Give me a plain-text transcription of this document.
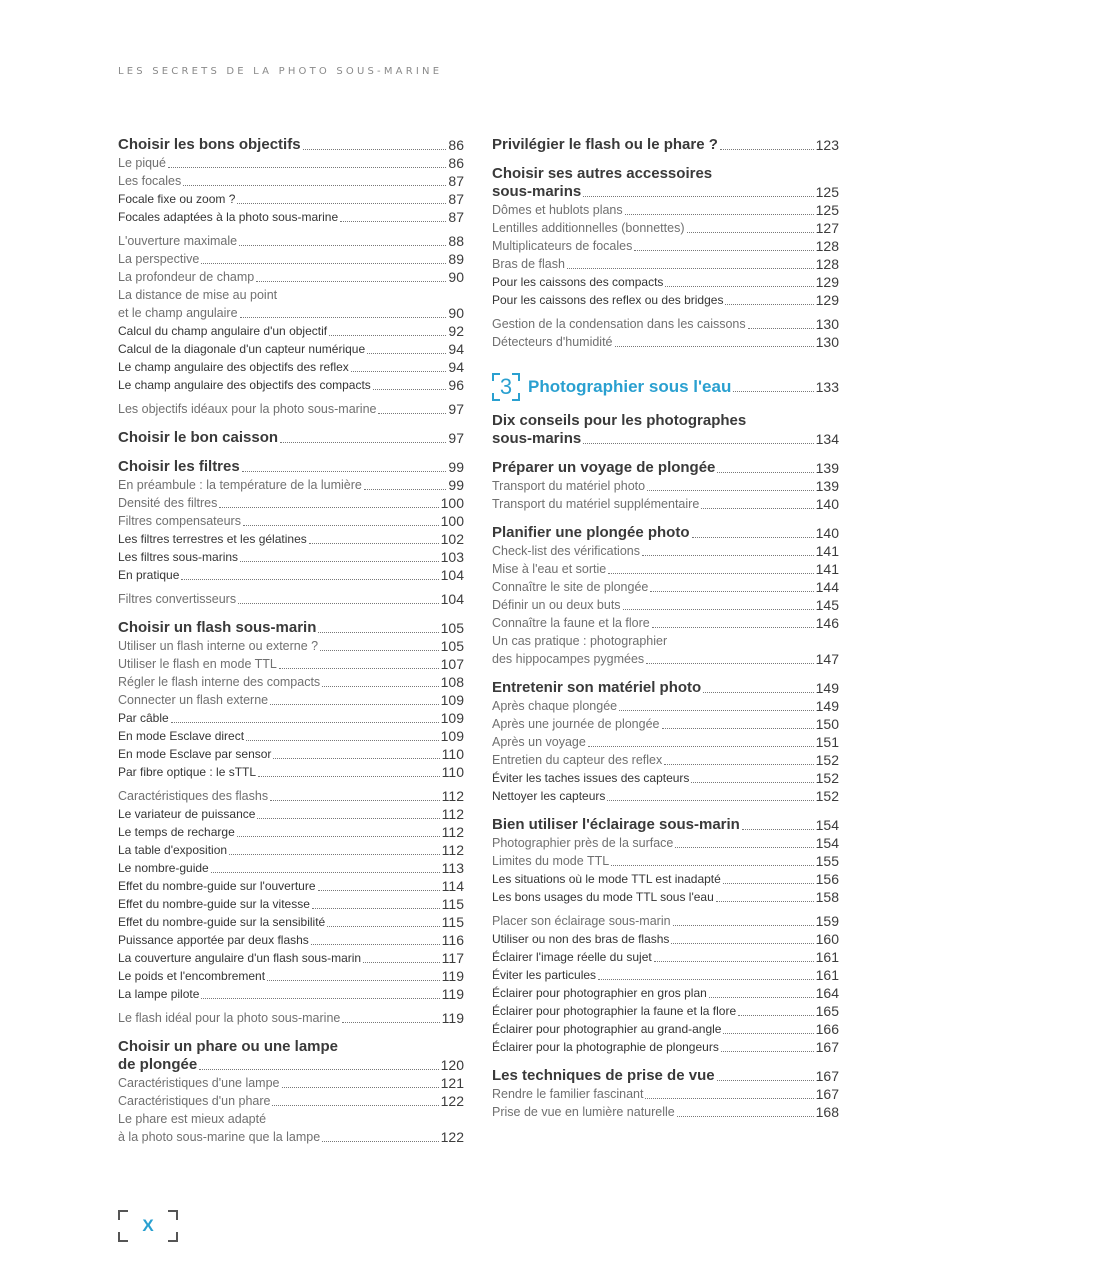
LES SECRETS DE LA PHOTO SOUS-MARINE
Choisir les bons objectifs	86
Le piqué	86
Les focales	87
Focale fixe ou zoom ?	87
Focales adaptées à la photo sous-marine	87
L'ouverture maximale	88
La perspective	89
La profondeur de champ	90
La distance de mise au point
et le champ angulaire	90
Calcul du champ angulaire d'un objectif	92
Calcul de la diagonale d'un capteur numérique	94
Le champ angulaire des objectifs des reflex	94
Le champ angulaire des objectifs des compacts	96
Les objectifs idéaux pour la photo sous-marine	97
Choisir le bon caisson	97
Choisir les filtres	99
En préambule : la température de la lumière	99
Densité des filtres	100
Filtres compensateurs	100
Les filtres terrestres et les gélatines	102
Les filtres sous-marins	103
En pratique	104
Filtres convertisseurs	104
Choisir un flash sous-marin	105
Utiliser un flash interne ou externe ?	105
Utiliser le flash en mode TTL	107
Régler le flash interne des compacts	108
Connecter un flash externe	109
Par câble	109
En mode Esclave direct	109
En mode Esclave par sensor	110
Par fibre optique : le sTTL	110
Caractéristiques des flashs	112
Le variateur de puissance	112
Le temps de recharge	112
La table d'exposition	112
Le nombre-guide	113
Effet du nombre-guide sur l'ouverture	114
Effet du nombre-guide sur la vitesse	115
Effet du nombre-guide sur la sensibilité	115
Puissance apportée par deux flashs	116
La couverture angulaire d'un flash sous-marin	117
Le poids et l'encombrement	119
La lampe pilote	119
Le flash idéal pour la photo sous-marine	119
Choisir un phare ou une lampe
de plongée	120
Caractéristiques d'une lampe	121
Caractéristiques d'un phare	122
Le phare est mieux adapté
à la photo sous-marine que la lampe	122
Privilégier le flash ou le phare ?	123
Choisir ses autres accessoires
sous-marins	125
Dômes et hublots plans	125
Lentilles additionnelles (bonnettes)	127
Multiplicateurs de focales	128
Bras de flash	128
Pour les caissons des compacts	129
Pour les caissons des reflex ou des bridges	129
Gestion de la condensation dans les caissons	130
Détecteurs d'humidité	130
3 Photographier sous l'eau	133
Dix conseils pour les photographes
sous-marins	134
Préparer un voyage de plongée	139
Transport du matériel photo	139
Transport du matériel supplémentaire	140
Planifier une plongée photo	140
Check-list des vérifications	141
Mise à l'eau et sortie	141
Connaître le site de plongée	144
Définir un ou deux buts	145
Connaître la faune et la flore	146
Un cas pratique : photographier
des hippocampes pygmées	147
Entretenir son matériel photo	149
Après chaque plongée	149
Après une journée de plongée	150
Après un voyage	151
Entretien du capteur des reflex	152
Éviter les taches issues des capteurs	152
Nettoyer les capteurs	152
Bien utiliser l'éclairage sous-marin	154
Photographier près de la surface	154
Limites du mode TTL	155
Les situations où le mode TTL est inadapté	156
Les bons usages du mode TTL sous l'eau	158
Placer son éclairage sous-marin	159
Utiliser ou non des bras de flashs	160
Éclairer l'image réelle du sujet	161
Éviter les particules	161
Éclairer pour photographier en gros plan	164
Éclairer pour photographier la faune et la flore	165
Éclairer pour photographier au grand-angle	166
Éclairer pour la photographie de plongeurs	167
Les techniques de prise de vue	167
Rendre le familier fascinant	167
Prise de vue en lumière naturelle	168
X
